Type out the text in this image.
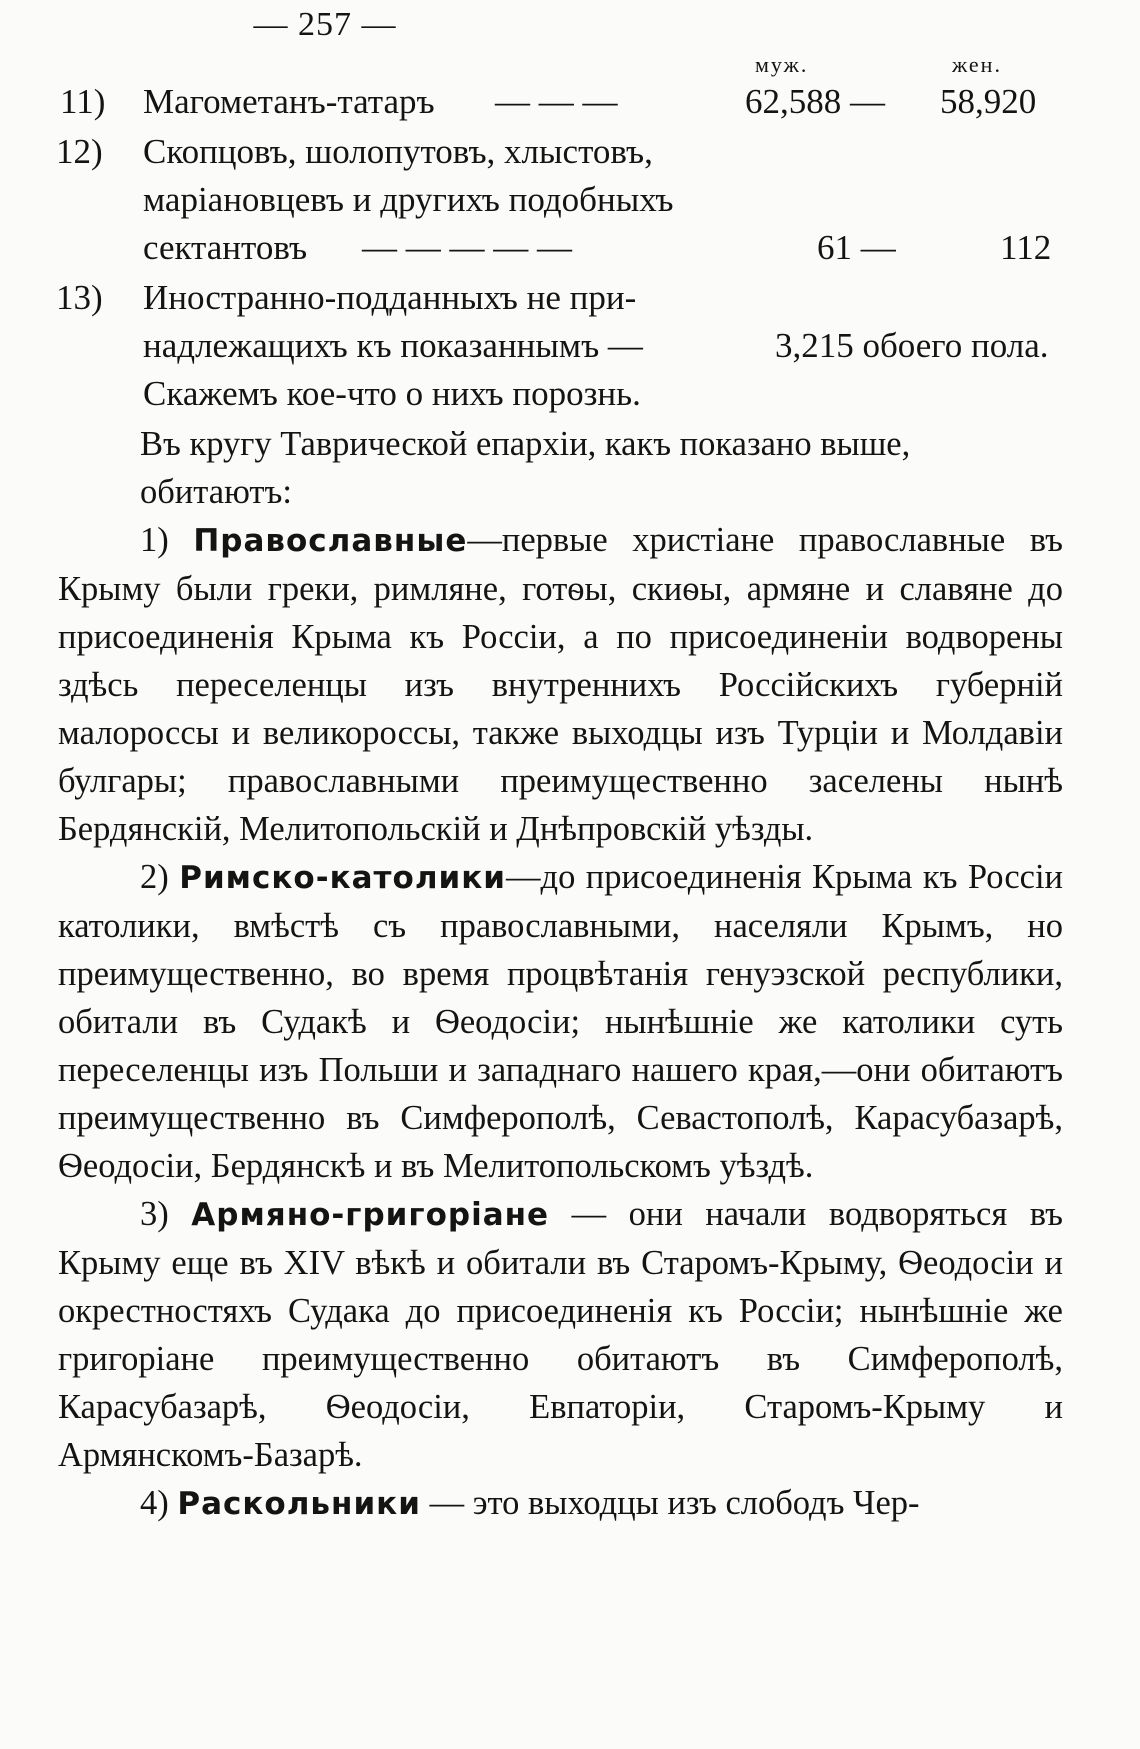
— 257 —
муж.	жен.
11) Магометанъ-татаръ — — —	62,588 — 58,920
12) Скопцовъ, шолопутовъ, хлыстовъ,
маріановцевъ и другихъ подобныхъ
сектантовъ — — — — —	61 —	112
13) Иностранно-подданныхъ не при-
надлежащихъ къ показаннымъ —	3,215 обоего пола.
Скажемъ кое-что о нихъ порознь.

Въ кругу Таврической епархіи, какъ показано выше,

обитаютъ:

1) Православные—первые христіане православные въ Крыму были греки, римляне, готѳы, скиѳы, армяне и славяне до присоединенія Крыма къ Россіи, а по присоединеніи водворены здѣсь переселенцы изъ внутреннихъ Россійскихъ губерній малороссы и великороссы, также выходцы изъ Турціи и Молдавіи булгары; православными преимущественно заселены нынѣ Бердянскій, Мелитопольскій и Днѣпровскій уѣзды.

2) Римско-католики—до присоединенія Крыма къ Россіи католики, вмѣстѣ съ православными, населяли Крымъ, но преимущественно, во время процвѣтанія генуэзской республики, обитали въ Судакѣ и Ѳеодосіи; нынѣшніе же католики суть переселенцы изъ Польши и западнаго нашего края,—они обитаютъ преимущественно въ Симферополѣ, Севастополѣ, Карасубазарѣ, Ѳеодосіи, Бердянскѣ и въ Мелитопольскомъ уѣздѣ.

3) Армяно-григоріане — они начали водворяться въ Крыму еще въ XIV вѣкѣ и обитали въ Старомъ-Крыму, Ѳеодосіи и окрестностяхъ Судака до присоединенія къ Россіи; нынѣшніе же григоріане преимущественно обитаютъ въ Симферополѣ, Карасубазарѣ, Ѳеодосіи, Евпаторіи, Старомъ-Крыму и Армянскомъ-Базарѣ.

4) Раскольники — это выходцы изъ слободъ Чер-
